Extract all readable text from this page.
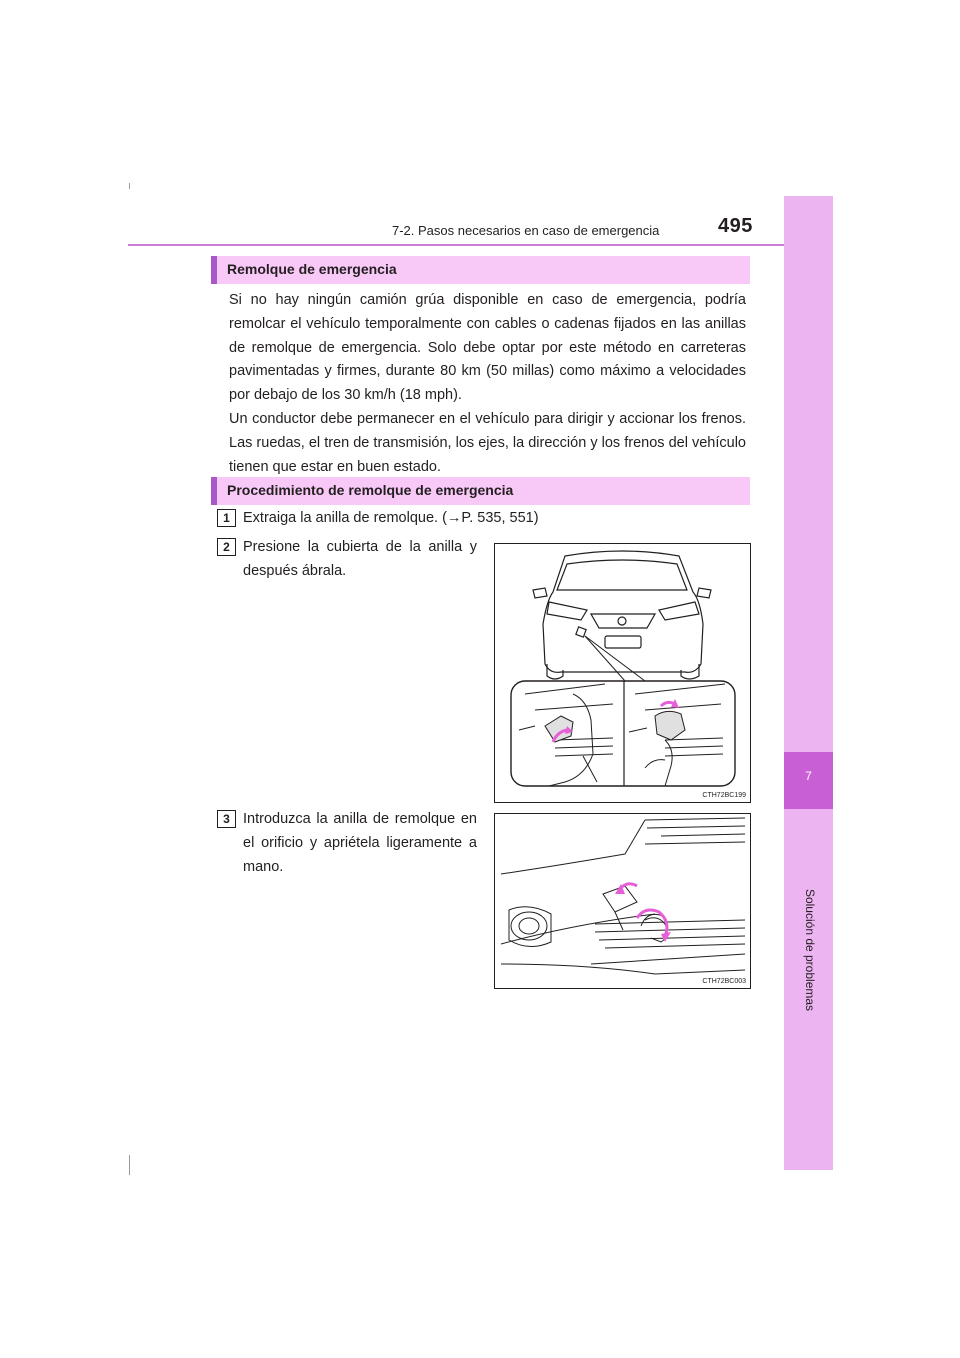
7-2. Pasos necesarios en caso de emergencia	495
7
Solución de problemas
Remolque de emergencia

Si no hay ningún camión grúa disponible en caso de emergencia, podría remolcar el vehículo temporalmente con cables o cadenas fijados en las anillas de remolque de emergencia. Solo debe optar por este método en carreteras pavimentadas y firmes, durante 80 km (50 millas) como máximo a velocidades por debajo de los 30 km/h (18 mph).

Un conductor debe permanecer en el vehículo para dirigir y accionar los frenos. Las ruedas, el tren de transmisión, los ejes, la dirección y los frenos del vehículo tienen que estar en buen estado.

Procedimiento de remolque de emergencia
1 Extraiga la anilla de remolque. (→P. 535, 551)

2 Presione la cubierta de la anilla y después ábrala.

CTH72BC199
3 Introduzca la anilla de remolque en el orificio y apriétela ligeramente a mano.

CTH72BC003
